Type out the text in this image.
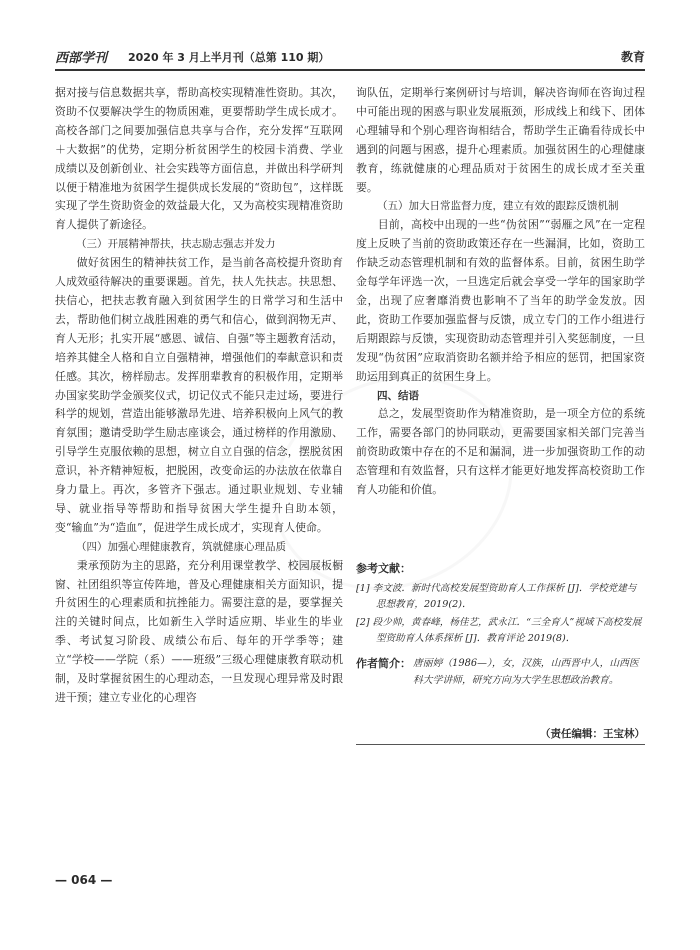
西部学刊 2020 年 3 月上半月刊（总第 110 期）	教育

据对接与信息数据共享，帮助高校实现精准性资助。其次，资助不仅要解决学生的物质困难，更要帮助学生成长成才。高校各部门之间要加强信息共享与合作，充分发挥“互联网＋大数据”的优势，定期分析贫困学生的校园卡消费、学业成绩以及创新创业、社会实践等方面信息，并做出科学研判以便于精准地为贫困学生提供成长发展的“资助包”，这样既实现了学生资助资金的效益最大化，又为高校实现精准资助育人提供了新途径。

（三）开展精神帮扶，扶志励志强志并发力

做好贫困生的精神扶贫工作，是当前各高校提升资助育人成效亟待解决的重要课题。首先，扶人先扶志。扶思想、扶信心，把扶志教育融入到贫困学生的日常学习和生活中去，帮助他们树立战胜困难的勇气和信心，做到润物无声、育人无形；扎实开展“感恩、诚信、自强”等主题教育活动，培养其健全人格和自立自强精神，增强他们的奉献意识和责任感。其次，榜样励志。发挥朋辈教育的积极作用，定期举办国家奖助学金颁奖仪式，切记仪式不能只走过场，要进行科学的规划，营造出能够激昂先进、培养积极向上风气的教育氛围；邀请受助学生励志座谈会，通过榜样的作用激励、引导学生克服依赖的思想，树立自立自强的信念，摆脱贫困意识，补齐精神短板，把脱困，改变命运的办法放在依靠自身力量上。再次，多管齐下强志。通过职业规划、专业辅导、就业指导等帮助和指导贫困大学生提升自助本领，变“输血”为“造血”，促进学生成长成才，实现育人使命。

（四）加强心理健康教育，筑就健康心理品质

秉承预防为主的思路，充分利用课堂教学、校园展板橱窗、社团组织等宣传阵地，普及心理健康相关方面知识，提升贫困生的心理素质和抗挫能力。需要注意的是，要掌握关注的关键时间点，比如新生入学时适应期、毕业生的毕业季、考试复习阶段、成绩公布后、每年的开学季等；建立“学校——学院（系）——班级”三级心理健康教育联动机制，及时掌握贫困生的心理动态，一旦发现心理异常及时跟进干预；建立专业化的心理咨

询队伍，定期举行案例研讨与培训，解决咨询师在咨询过程中可能出现的困惑与职业发展瓶颈，形成线上和线下、团体心理辅导和个别心理咨询相结合，帮助学生正确看待成长中遇到的问题与困惑，提升心理素质。加强贫困生的心理健康教育，练就健康的心理品质对于贫困生的成长成才至关重要。

（五）加大日常监督力度，建立有效的跟踪反馈机制

目前，高校中出现的一些“伪贫困”“弱雁之风”在一定程度上反映了当前的资助政策还存在一些漏洞，比如，资助工作缺乏动态管理机制和有效的监督体系。目前，贫困生助学金每学年评选一次，一旦选定后就会享受一学年的国家助学金，出现了应奢靡消费也影响不了当年的助学金发放。因此，资助工作要加强监督与反馈，成立专门的工作小组进行后期跟踪与反馈，实现资助动态管理并引入奖惩制度，一旦发现“伪贫困”应取消资助名额并给予相应的惩罚，把国家资助运用到真正的贫困生身上。

四、结语

总之，发展型资助作为精准资助，是一项全方位的系统工作，需要各部门的协同联动，更需要国家相关部门完善当前资助政策中存在的不足和漏洞，进一步加强资助工作的动态管理和有效监督，只有这样才能更好地发挥高校资助工作育人功能和价值。

参考文献：
[1] 李文波．新时代高校发展型资助育人工作探析 [J]．学校党建与思想教育，2019(2)．
[2] 段少帅，黄春峰，杨佳艺，武永江．“三全育人”视域下高校发展型资助育人体系探析 [J]．教育评论 2019(8)．
作者简介： 唐丽婷（1986—），女，汉族，山西晋中人，山西医科大学讲师，研究方向为大学生思想政治教育。
（责任编辑：王宝林）
— 064 —
